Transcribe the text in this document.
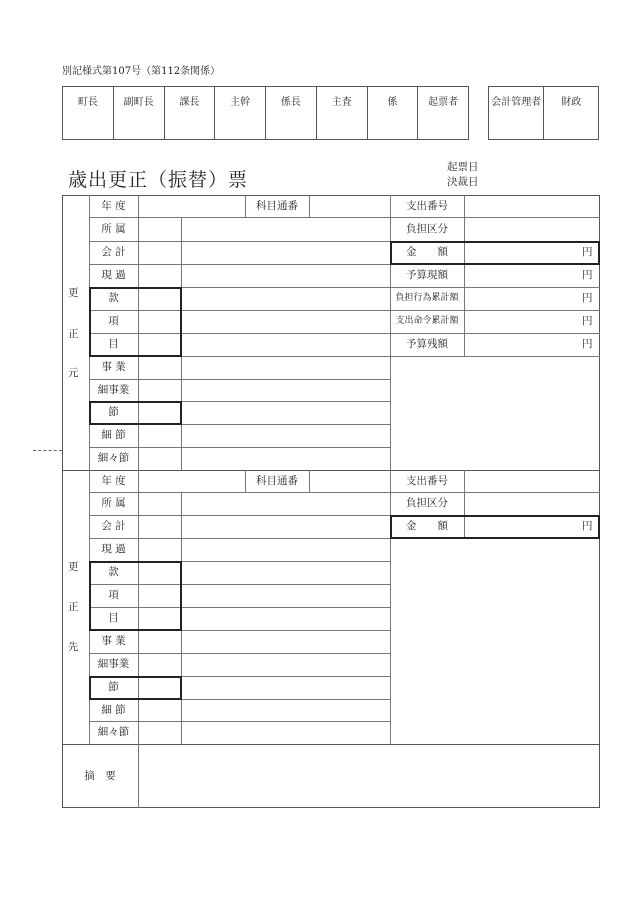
別記様式第107号（第112条関係）
町長	副町長	課長	主幹	係長	主査	係	起票者	会計管理者	財政
歳出更正（振替）票
起票日
決裁日
更
正
元
年 度	科目通番	支出番号
所 属	負担区分
会 計	金　　額	円
現 過	予算現額	円
款	負担行為累計額	円
項	支出命令累計額	円
目	予算残額	円
事 業
細事業
節
細 節
細々節
更
正
先
年 度	科目通番	支出番号
所 属	負担区分
会 計	金　　額	円
現 過
款
項
目
事 業
細事業
節
細 節
細々節
摘　要
